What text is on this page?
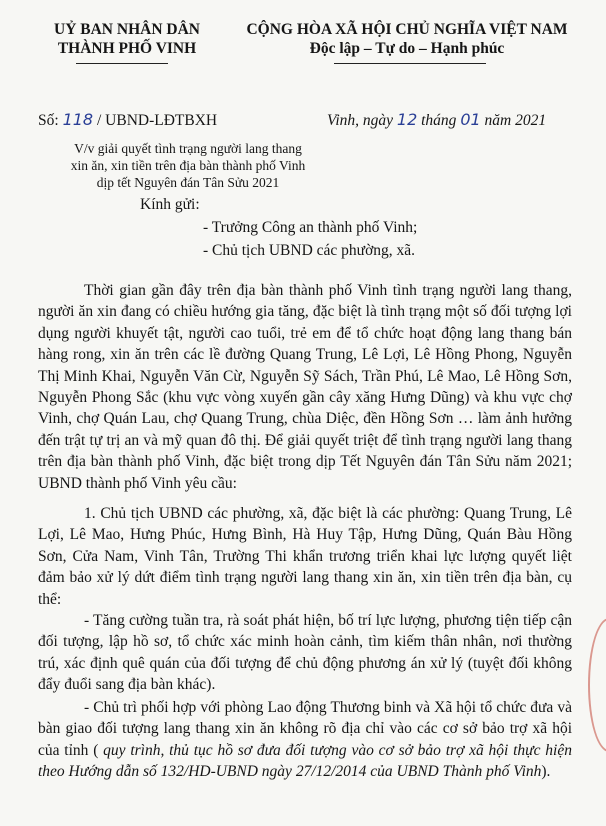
UỶ BAN NHÂN DÂN
THÀNH PHỐ VINH
CỘNG HÒA XÃ HỘI CHỦ NGHĨA VIỆT NAM
Độc lập – Tự do – Hạnh phúc
Số: 118 / UBND-LĐTBXH	Vinh, ngày 12 tháng 01 năm 2021
V/v giải quyết tình trạng người lang thang
xin ăn, xin tiền trên địa bàn thành phố Vinh
dịp tết Nguyên đán Tân Sửu 2021
Kính gửi:
- Trưởng Công an thành phố Vinh;
- Chủ tịch UBND các phường, xã.

Thời gian gần đây trên địa bàn thành phố Vinh tình trạng người lang thang, người ăn xin đang có chiều hướng gia tăng, đặc biệt là tình trạng một số đối tượng lợi dụng người khuyết tật, người cao tuổi, trẻ em để tổ chức hoạt động lang thang bán hàng rong, xin ăn trên các lề đường Quang Trung, Lê Lợi, Lê Hồng Phong, Nguyễn Thị Minh Khai, Nguyễn Văn Cừ, Nguyễn Sỹ Sách, Trần Phú, Lê Mao, Lê Hồng Sơn, Nguyễn Phong Sắc (khu vực vòng xuyến gần cây xăng Hưng Dũng) và khu vực chợ Vinh, chợ Quán Lau, chợ Quang Trung, chùa Diệc, đền Hồng Sơn … làm ảnh hưởng đến trật tự trị an và mỹ quan đô thị. Để giải quyết triệt để tình trạng người lang thang trên địa bàn thành phố Vinh, đặc biệt trong dịp Tết Nguyên đán Tân Sửu năm 2021; UBND thành phố Vinh yêu cầu:

1. Chủ tịch UBND các phường, xã, đặc biệt là các phường: Quang Trung, Lê Lợi, Lê Mao, Hưng Phúc, Hưng Bình, Hà Huy Tập, Hưng Dũng, Quán Bàu Hồng Sơn, Cửa Nam, Vinh Tân, Trường Thi khẩn trương triển khai lực lượng quyết liệt đảm bảo xử lý dứt điểm tình trạng người lang thang xin ăn, xin tiền trên địa bàn, cụ thể:

- Tăng cường tuần tra, rà soát phát hiện, bố trí lực lượng, phương tiện tiếp cận đối tượng, lập hồ sơ, tổ chức xác minh hoàn cảnh, tìm kiếm thân nhân, nơi thường trú, xác định quê quán của đối tượng để chủ động phương án xử lý (tuyệt đối không đẩy đuổi sang địa bàn khác).

- Chủ trì phối hợp với phòng Lao động Thương binh và Xã hội tổ chức đưa và bàn giao đối tượng lang thang xin ăn không rõ địa chỉ vào các cơ sở bảo trợ xã hội của tỉnh ( quy trình, thủ tục hồ sơ đưa đối tượng vào cơ sở bảo trợ xã hội thực hiện theo Hướng dẫn số 132/HD-UBND ngày 27/12/2014 của UBND Thành phố Vinh).
